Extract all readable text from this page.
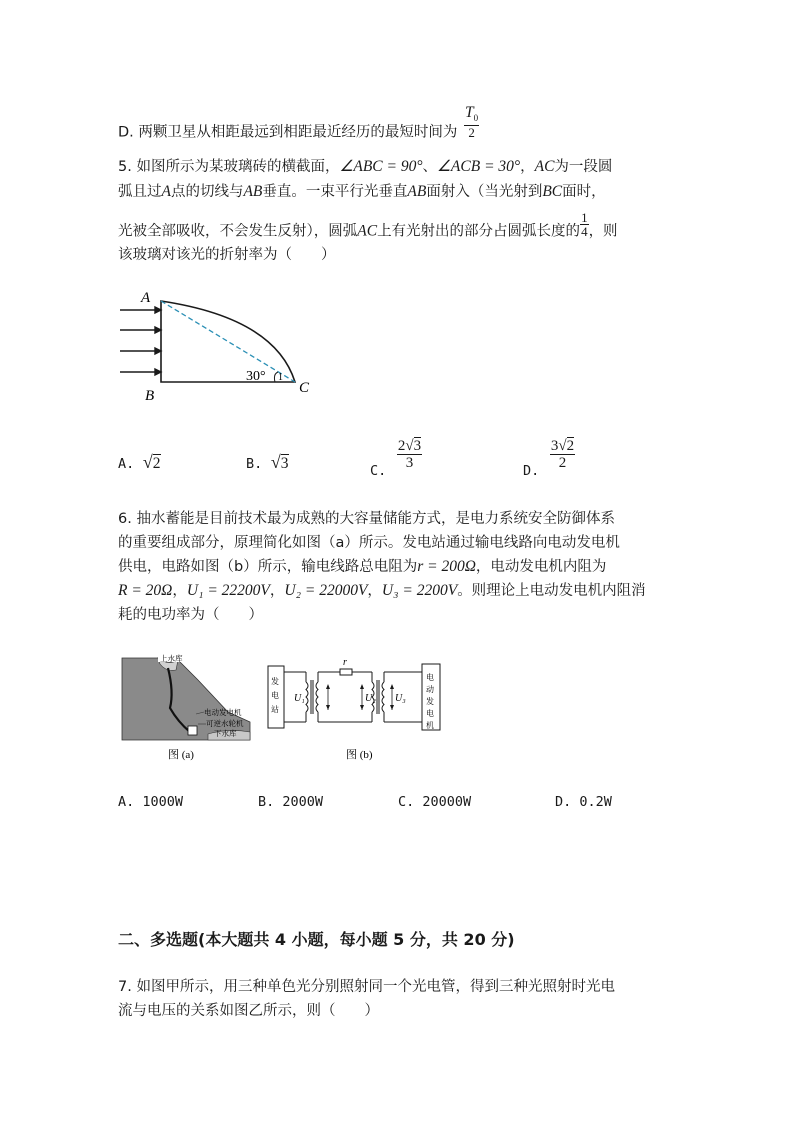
D. 两颗卫星从相距最远到相距最近经历的最短时间为 $\frac{T_0}{2}$
5. 如图所示为某玻璃砖的横截面，∠ABC = 90°、∠ACB = 30°，AC为一段圆
弧且过A点的切线与AB垂直。一束平行光垂直AB面射入（当光射到BC面时，
光被全部吸收，不会发生反射），圆弧AC上有光射出的部分占圆弧长度的 $\frac{1}{4}$ ，则
该玻璃对该光的折射率为（　　）
A
B	C
30° 1
A. √2	B. √3	C. $\frac{2√3}{3}$	D. $\frac{3√2}{2}$
6. 抽水蓄能是目前技术最为成熟的大容量储能方式，是电力系统安全防御体系
的重要组成部分，原理简化如图（a）所示。发电站通过输电线路向电动发电机
供电，电路如图（b）所示，输电线路总电阻为r = 200Ω，电动发电机内阻为
R = 20Ω，U₁ = 22200V，U₂ = 22000V，U₃ = 2200V。则理论上电动发电机内阻消
耗的电功率为（　　）
上水库
电动发电机
可逆水轮机
下水库
图 (a)
发
电
站
r
U₁	U₂ U₃
电
动
发
电
机
图 (b)
A. 1000W	B. 2000W	C. 20000W	D. 0.2W
二、多选题(本大题共 4 小题，每小题 5 分，共 20 分)
7. 如图甲所示，用三种单色光分别照射同一个光电管，得到三种光照射时光电
流与电压的关系如图乙所示，则（　　）
